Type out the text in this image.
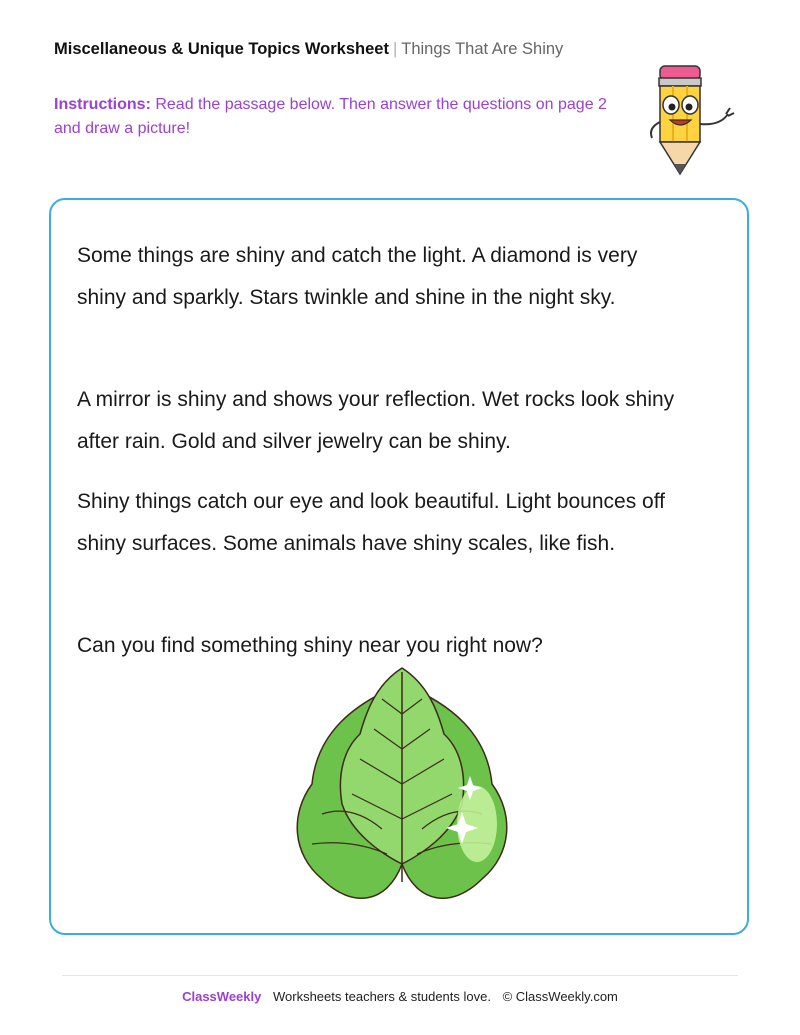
Miscellaneous & Unique Topics Worksheet | Things That Are Shiny
Instructions: Read the passage below. Then answer the questions on page 2 and draw a picture!

Some things are shiny and catch the light. A diamond is very shiny and sparkly. Stars twinkle and shine in the night sky.

A mirror is shiny and shows your reflection. Wet rocks look shiny after rain. Gold and silver jewelry can be shiny.

Shiny things catch our eye and look beautiful. Light bounces off shiny surfaces. Some animals have shiny scales, like fish.

Can you find something shiny near you right now?

ClassWeekly Worksheets teachers & students love. © ClassWeekly.com
